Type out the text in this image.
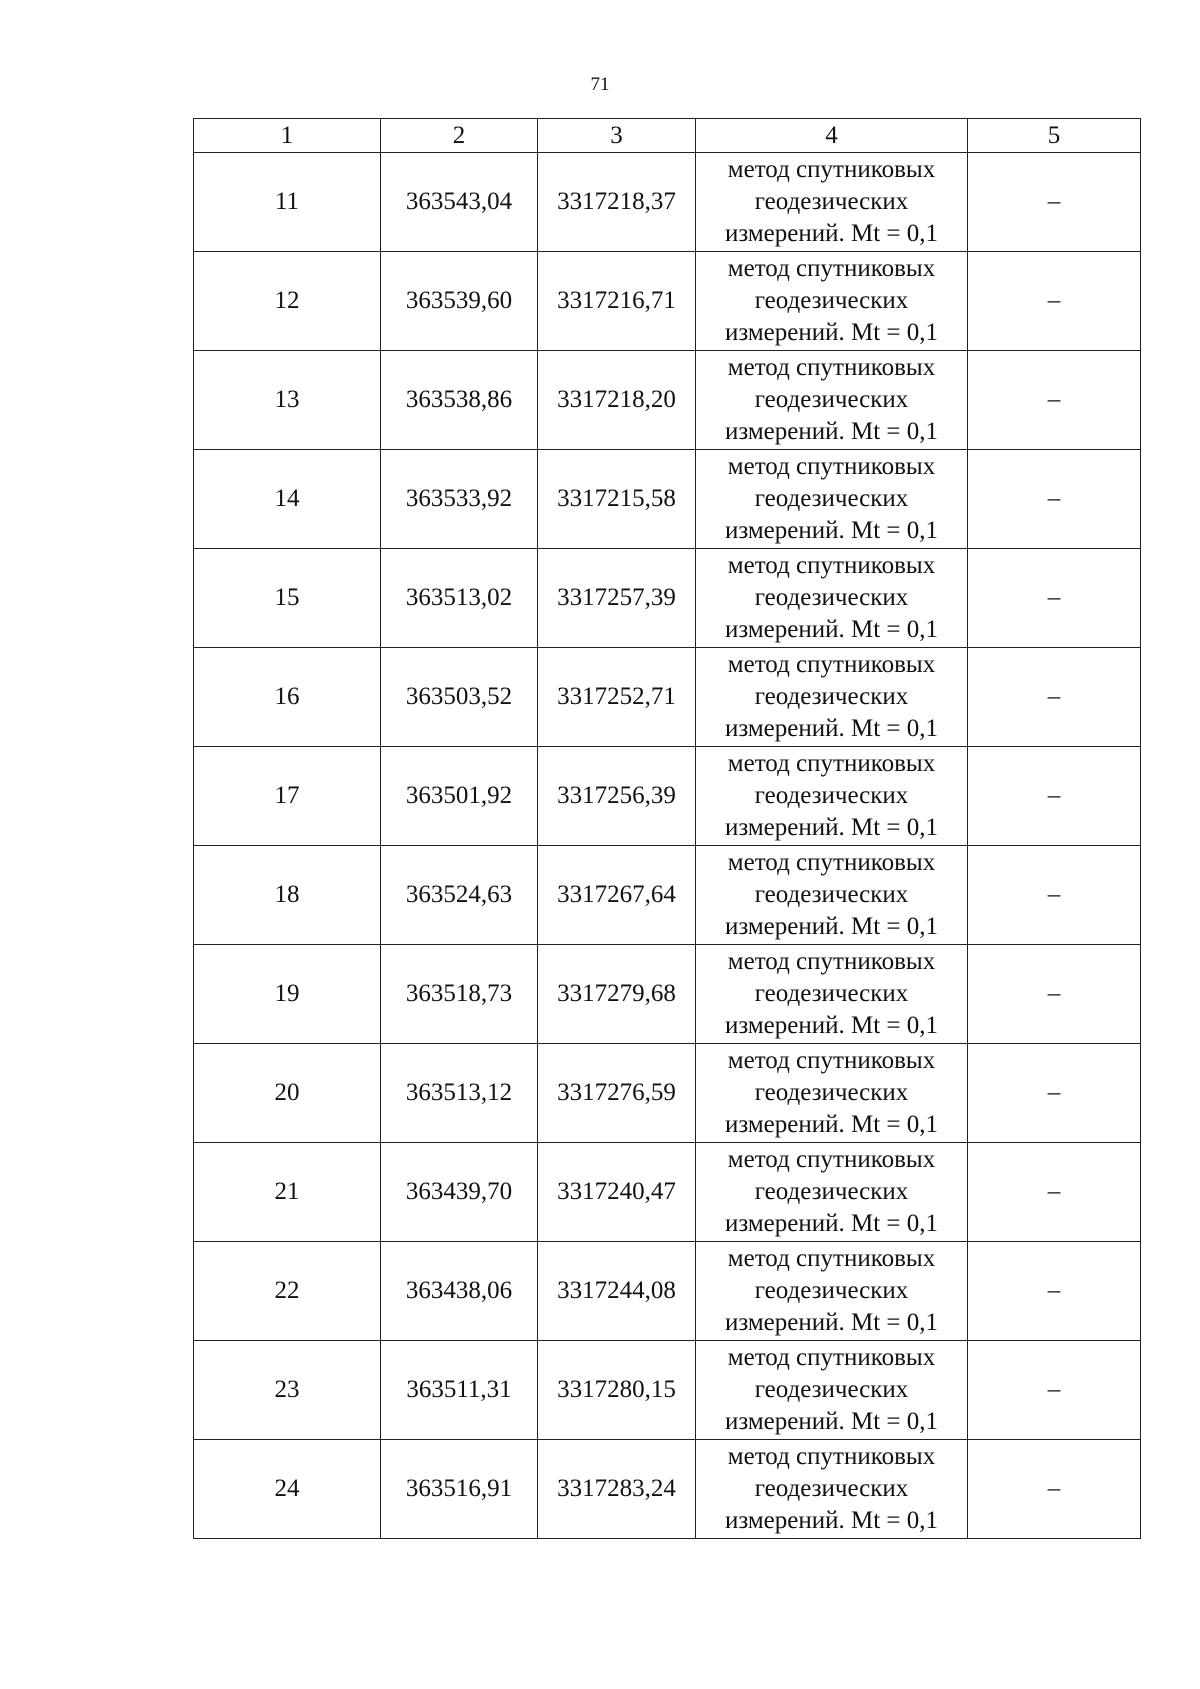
71
1	2	3	4	5
11	363543,04	3317218,37	метод спутниковых
геодезических
измерений. Mt = 0,1	–
12	363539,60	3317216,71	метод спутниковых
геодезических
измерений. Mt = 0,1	–
13	363538,86	3317218,20	метод спутниковых
геодезических
измерений. Mt = 0,1	–
14	363533,92	3317215,58	метод спутниковых
геодезических
измерений. Mt = 0,1	–
15	363513,02	3317257,39	метод спутниковых
геодезических
измерений. Mt = 0,1	–
16	363503,52	3317252,71	метод спутниковых
геодезических
измерений. Mt = 0,1	–
17	363501,92	3317256,39	метод спутниковых
геодезических
измерений. Mt = 0,1	–
18	363524,63	3317267,64	метод спутниковых
геодезических
измерений. Mt = 0,1	–
19	363518,73	3317279,68	метод спутниковых
геодезических
измерений. Mt = 0,1	–
20	363513,12	3317276,59	метод спутниковых
геодезических
измерений. Mt = 0,1	–
21	363439,70	3317240,47	метод спутниковых
геодезических
измерений. Mt = 0,1	–
22	363438,06	3317244,08	метод спутниковых
геодезических
измерений. Mt = 0,1	–
23	363511,31	3317280,15	метод спутниковых
геодезических
измерений. Mt = 0,1	–
24	363516,91	3317283,24	метод спутниковых
геодезических
измерений. Mt = 0,1	–
